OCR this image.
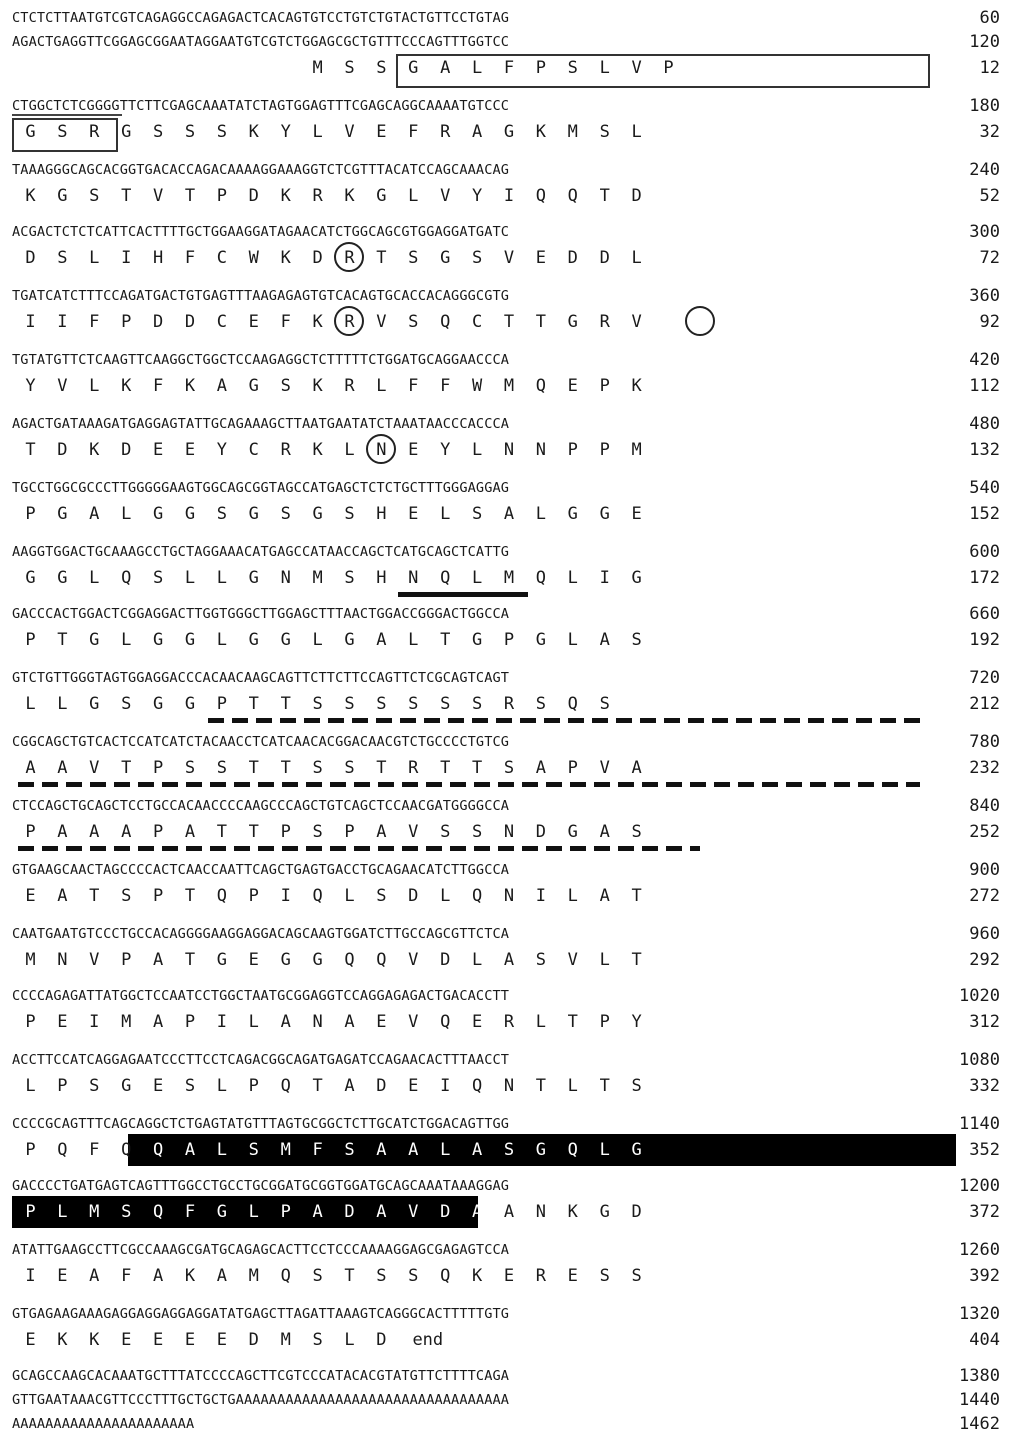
CTCTCTTAATGTCGTCAGAGGCCAGAGACTCACAGTGTCCTGTCTGTACTGTTCCTGTAG	60
AGACTGAGGTTCGGAGCGGAATAGGAATGTCGTCTGGAGCGCTGTTTCCCAGTTTGGTCC	120
M	S	S	G	A	L	F	P	S	L	V	P	12
CTGGCTCTCGGGGTTCTTCGAGCAAATATCTAGTGGAGTTTCGAGCAGGCAAAATGTCCC	180
G	S	R	G	S	S	S	K	Y	L	V	E	F	R	A	G	K	M	S	L	32
TAAAGGGCAGCACGGTGACACCAGACAAAAGGAAAGGTCTCGTTTACATCCAGCAAACAG	240
K	G	S	T	V	T	P	D	K	R	K	G	L	V	Y	I	Q	Q	T	D	52
ACGACTCTCTCATTCACTTTTGCTGGAAGGATAGAACATCTGGCAGCGTGGAGGATGATC	300
D	S	L	I	H	F	C	W	K	D	R	T	S	G	S	V	E	D	D	L	72
TGATCATCTTTCCAGATGACTGTGAGTTTAAGAGAGTGTCACAGTGCACCACAGGGCGTG	360
I	I	F	P	D	D	C	E	F	K	R	V	S	Q	C	T	T	G	R	V	92
TGTATGTTCTCAAGTTCAAGGCTGGCTCCAAGAGGCTCTTTTTCTGGATGCAGGAACCCA	420
Y	V	L	K	F	K	A	G	S	K	R	L	F	F	W	M	Q	E	P	K	112
AGACTGATAAAGATGAGGAGTATTGCAGAAAGCTTAATGAATATCTAAATAACCCACCCA	480
T	D	K	D	E	E	Y	C	R	K	L	N	E	Y	L	N	N	P	P	M	132
TGCCTGGCGCCCTTGGGGGAAGTGGCAGCGGTAGCCATGAGCTCTCTGCTTTGGGAGGAG	540
P	G	A	L	G	G	S	G	S	G	S	H	E	L	S	A	L	G	G	E	152
AAGGTGGACTGCAAAGCCTGCTAGGAAACATGAGCCATAACCAGCTCATGCAGCTCATTG	600
G	G	L	Q	S	L	L	G	N	M	S	H	N	Q	L	M	Q	L	I	G	172
GACCCACTGGACTCGGAGGACTTGGTGGGCTTGGAGCTTTAACTGGACCGGGACTGGCCA	660
P	T	G	L	G	G	L	G	G	L	G	A	L	T	G	P	G	L	A	S	192
GTCTGTTGGGTAGTGGAGGACCCACAACAAGCAGTTCTTCTTCCAGTTCTCGCAGTCAGT	720
L	L	G	S	G	G	P	T	T	S	S	S	S	S	S	R	S	Q	S	212
CGGCAGCTGTCACTCCATCATCTACAACCTCATCAACACGGACAACGTCTGCCCCTGTCG	780
A	A	V	T	P	S	S	T	T	S	S	T	R	T	T	S	A	P	V	A	232
CTCCAGCTGCAGCTCCTGCCACAACCCCAAGCCCAGCTGTCAGCTCCAACGATGGGGCCA	840
P	A	A	A	P	A	T	T	P	S	P	A	V	S	S	N	D	G	A	S	252
GTGAAGCAACTAGCCCCACTCAACCAATTCAGCTGAGTGACCTGCAGAACATCTTGGCCA	900
E	A	T	S	P	T	Q	P	I	Q	L	S	D	L	Q	N	I	L	A	T	272
CAATGAATGTCCCTGCCACAGGGGAAGGAGGACAGCAAGTGGATCTTGCCAGCGTTCTCA	960
M	N	V	P	A	T	G	E	G	G	Q	Q	V	D	L	A	S	V	L	T	292
CCCCAGAGATTATGGCTCCAATCCTGGCTAATGCGGAGGTCCAGGAGAGACTGACACCTT	1020
P	E	I	M	A	P	I	L	A	N	A	E	V	Q	E	R	L	T	P	Y	312
ACCTTCCATCAGGAGAATCCCTTCCTCAGACGGCAGATGAGATCCAGAACACTTTAACCT	1080
L	P	S	G	E	S	L	P	Q	T	A	D	E	I	Q	N	T	L	T	S	332
CCCCGCAGTTTCAGCAGGCTCTGAGTATGTTTAGTGCGGCTCTTGCATCTGGACAGTTGG	1140
P	Q	F	Q	Q	A	L	S	M	F	S	A	A	L	A	S	G	Q	L	G	352
GACCCCTGATGAGTCAGTTTGGCCTGCCTGCGGATGCGGTGGATGCAGCAAATAAAGGAG	1200
P	L	M	S	Q	F	G	L	P	A	D	A	V	D	A	A	N	K	G	D	372
ATATTGAAGCCTTCGCCAAAGCGATGCAGAGCACTTCCTCCCAAAAGGAGCGAGAGTCCA	1260
I	E	A	F	A	K	A	M	Q	S	T	S	S	Q	K	E	R	E	S	S	392
GTGAGAAGAAAGAGGAGGAGGAGGATATGAGCTTAGATTAAAGTCAGGGCACTTTTTGTG	1320
E	K	K	E	E	E	E	D	M	S	L	D	end	404
GCAGCCAAGCACAAATGCTTTATCCCCAGCTTCGTCCCATACACGTATGTTCTTTTCAGA	1380
GTTGAATAAACGTTCCCTTTGCTGCTGAAAAAAAAAAAAAAAAAAAAAAAAAAAAAAAAA	1440
AAAAAAAAAAAAAAAAAAAAAA	1462
